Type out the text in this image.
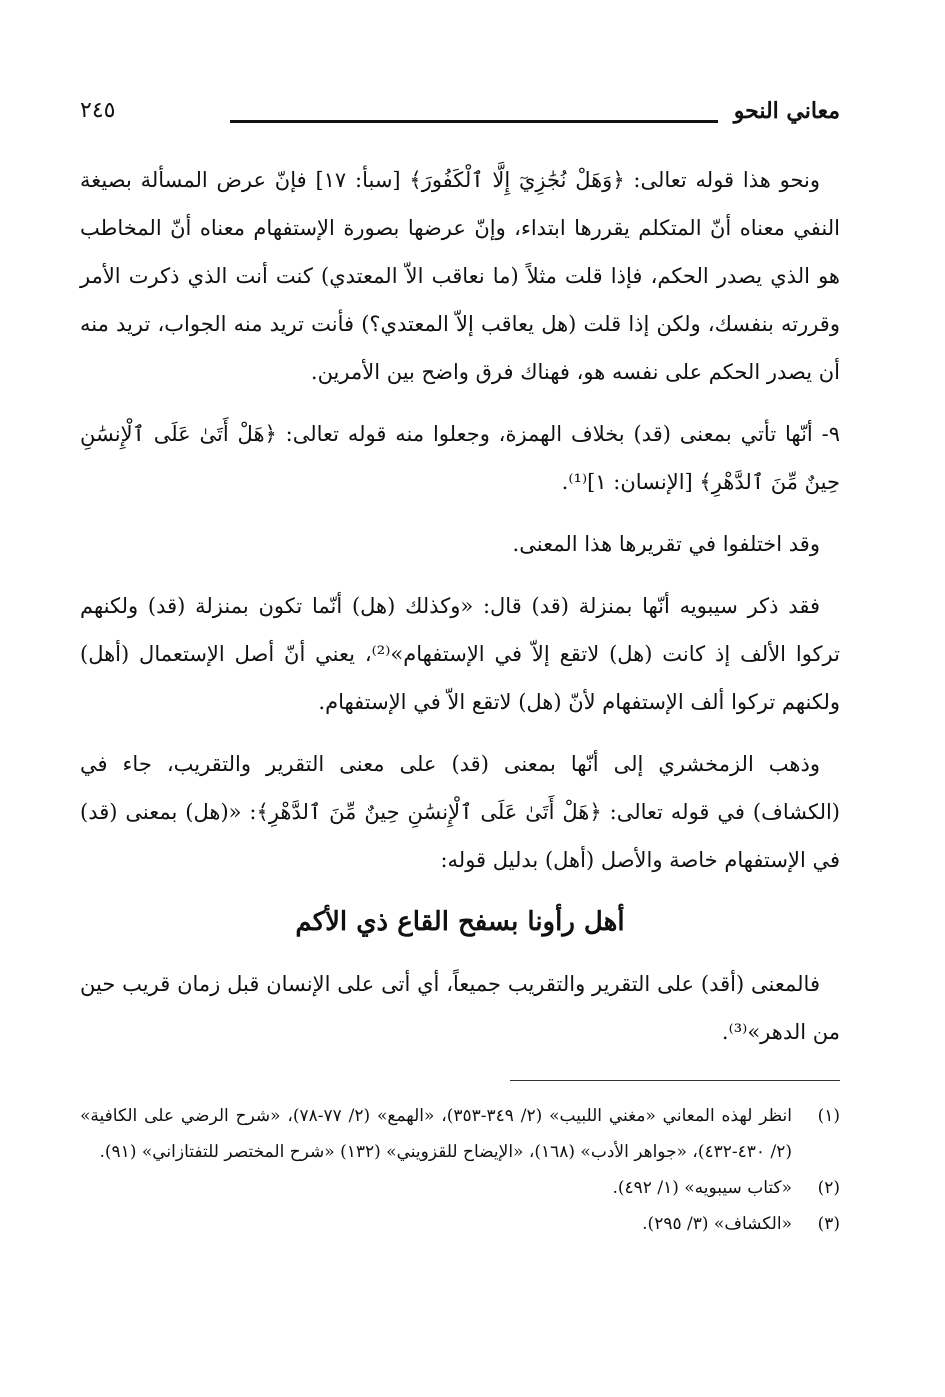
معاني النحو
٢٤٥

ونحو هذا قوله تعالى: ﴿وَهَلْ نُجَٰزِيٓ إِلَّا ٱلْكَفُورَ﴾ [سبأ: ١٧] فإنّ عرض المسألة بصيغة النفي معناه أنّ المتكلم يقررها ابتداء، وإنّ عرضها بصورة الإستفهام معناه أنّ المخاطب هو الذي يصدر الحكم، فإذا قلت مثلاً (ما نعاقب الاّ المعتدي) كنت أنت الذي ذكرت الأمر وقررته بنفسك، ولكن إذا قلت (هل يعاقب إلاّ المعتدي؟) فأنت تريد منه الجواب، تريد منه أن يصدر الحكم على نفسه هو، فهناك فرق واضح بين الأمرين.

٩- أنّها تأتي بمعنى (قد) بخلاف الهمزة، وجعلوا منه قوله تعالى: ﴿هَلْ أَتَىٰ عَلَى ٱلْإِنسَٰنِ حِينٌ مِّنَ ٱلدَّهْرِ﴾ [الإنسان: ١]⁽¹⁾.

وقد اختلفوا في تقريرها هذا المعنى.

فقد ذكر سيبويه أنّها بمنزلة (قد) قال: «وكذلك (هل) أنّما تكون بمنزلة (قد) ولكنهم تركوا الألف إذ كانت (هل) لاتقع إلاّ في الإستفهام»⁽²⁾، يعني أنّ أصل الإستعمال (أهل) ولكنهم تركوا ألف الإستفهام لأنّ (هل) لاتقع الاّ في الإستفهام.

وذهب الزمخشري إلى أنّها بمعنى (قد) على معنى التقرير والتقريب، جاء في (الكشاف) في قوله تعالى: ﴿هَلْ أَتَىٰ عَلَى ٱلْإِنسَٰنِ حِينٌ مِّنَ ٱلدَّهْرِ﴾: «(هل) بمعنى (قد) في الإستفهام خاصة والأصل (أهل) بدليل قوله:

أهل رأونا بسفح القاع ذي الأكم

فالمعنى (أقد) على التقرير والتقريب جميعاً، أي أتى على الإنسان قبل زمان قريب حين من الدهر»⁽³⁾.

(١)
انظر لهذه المعاني «مغني اللبيب» (٢/ ٣٤٩-٣٥٣)، «الهمع» (٢/ ٧٧-٧٨)، «شرح الرضي على الكافية» (٢/ ٤٣٠-٤٣٢)، «جواهر الأدب» (١٦٨)، «الإيضاح للقزويني» (١٣٢) «شرح المختصر للتفتازاني» (٩١).
(٢)
«كتاب سيبويه» (١/ ٤٩٢).
(٣)
«الكشاف» (٣/ ٢٩٥).
